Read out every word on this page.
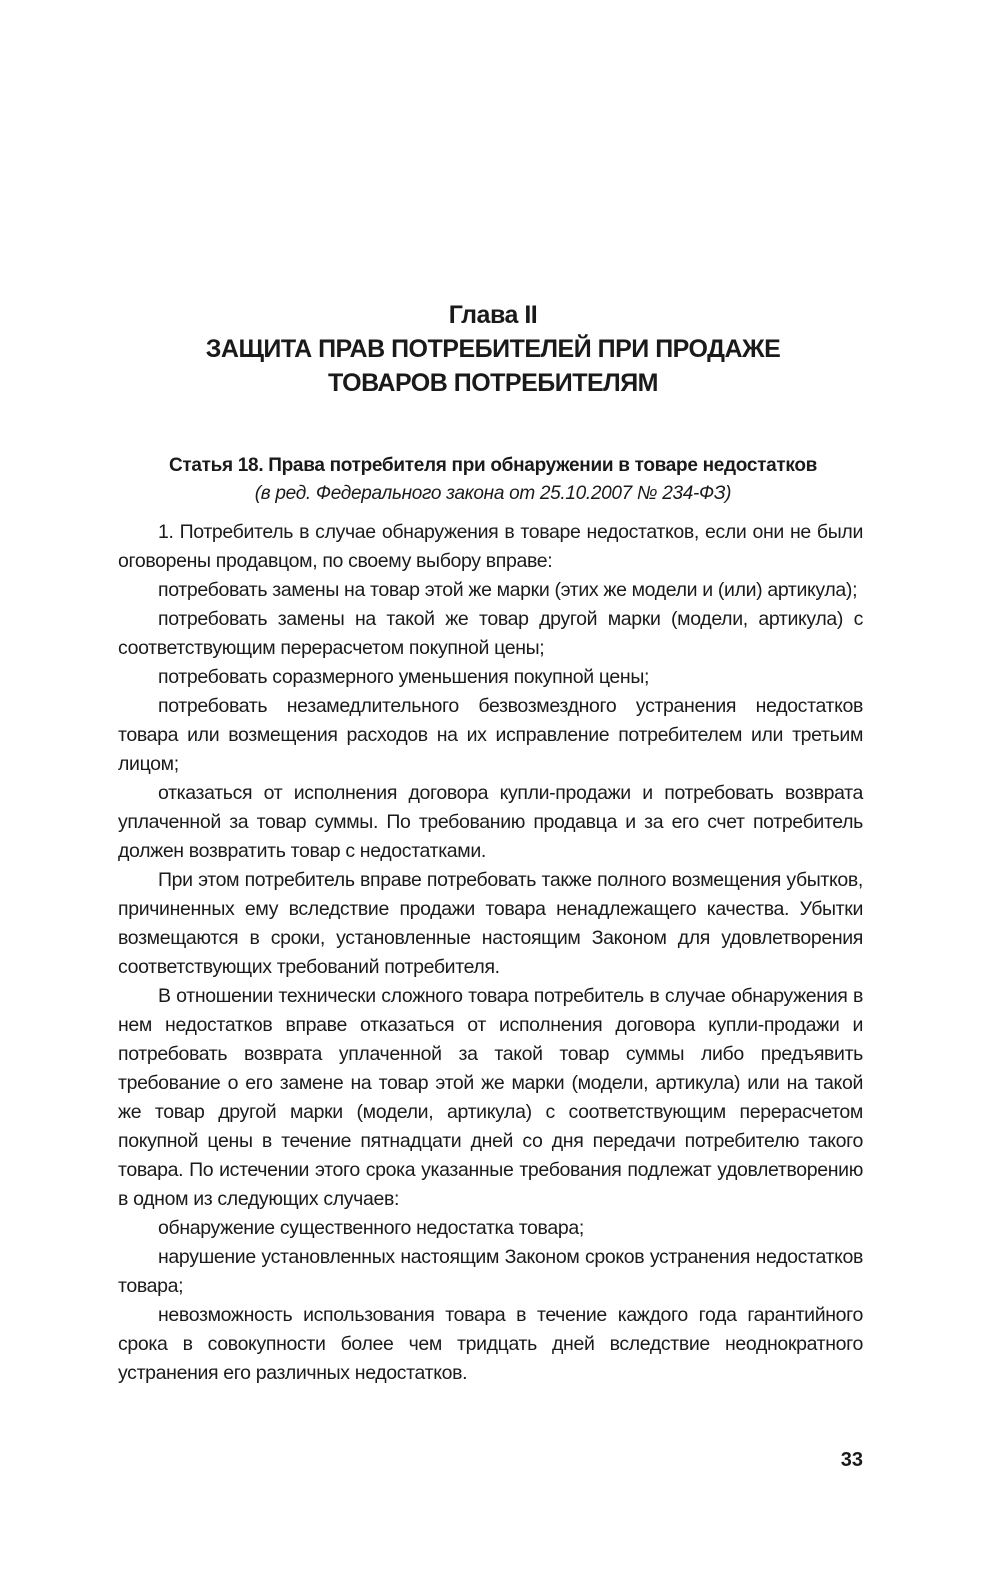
Глава II
ЗАЩИТА ПРАВ ПОТРЕБИТЕЛЕЙ ПРИ ПРОДАЖЕ
ТОВАРОВ ПОТРЕБИТЕЛЯМ
Статья 18. Права потребителя при обнаружении в товаре недостатков
(в ред. Федерального закона от 25.10.2007 № 234-ФЗ)

1. Потребитель в случае обнаружения в товаре недостатков, если они не были оговорены продавцом, по своему выбору вправе:

потребовать замены на товар этой же марки (этих же модели и (или) артикула);

потребовать замены на такой же товар другой марки (модели, артикула) с соответствующим перерасчетом покупной цены;

потребовать соразмерного уменьшения покупной цены;

потребовать незамедлительного безвозмездного устранения недостатков товара или возмещения расходов на их исправление потребителем или третьим лицом;

отказаться от исполнения договора купли-продажи и потребовать возврата уплаченной за товар суммы. По требованию продавца и за его счет потребитель должен возвратить товар с недостатками.

При этом потребитель вправе потребовать также полного возмещения убытков, причиненных ему вследствие продажи товара ненадлежащего качества. Убытки возмещаются в сроки, установленные настоящим Законом для удовлетворения соответствующих требований потребителя.

В отношении технически сложного товара потребитель в случае обнаружения в нем недостатков вправе отказаться от исполнения договора купли-продажи и потребовать возврата уплаченной за такой товар суммы либо предъявить требование о его замене на товар этой же марки (модели, артикула) или на такой же товар другой марки (модели, артикула) с соответствующим перерасчетом покупной цены в течение пятнадцати дней со дня передачи потребителю такого товара. По истечении этого срока указанные требования подлежат удовлетворению в одном из следующих случаев:

обнаружение существенного недостатка товара;

нарушение установленных настоящим Законом сроков устранения недостатков товара;

невозможность использования товара в течение каждого года гарантийного срока в совокупности более чем тридцать дней вследствие неоднократного устранения его различных недостатков.

33
